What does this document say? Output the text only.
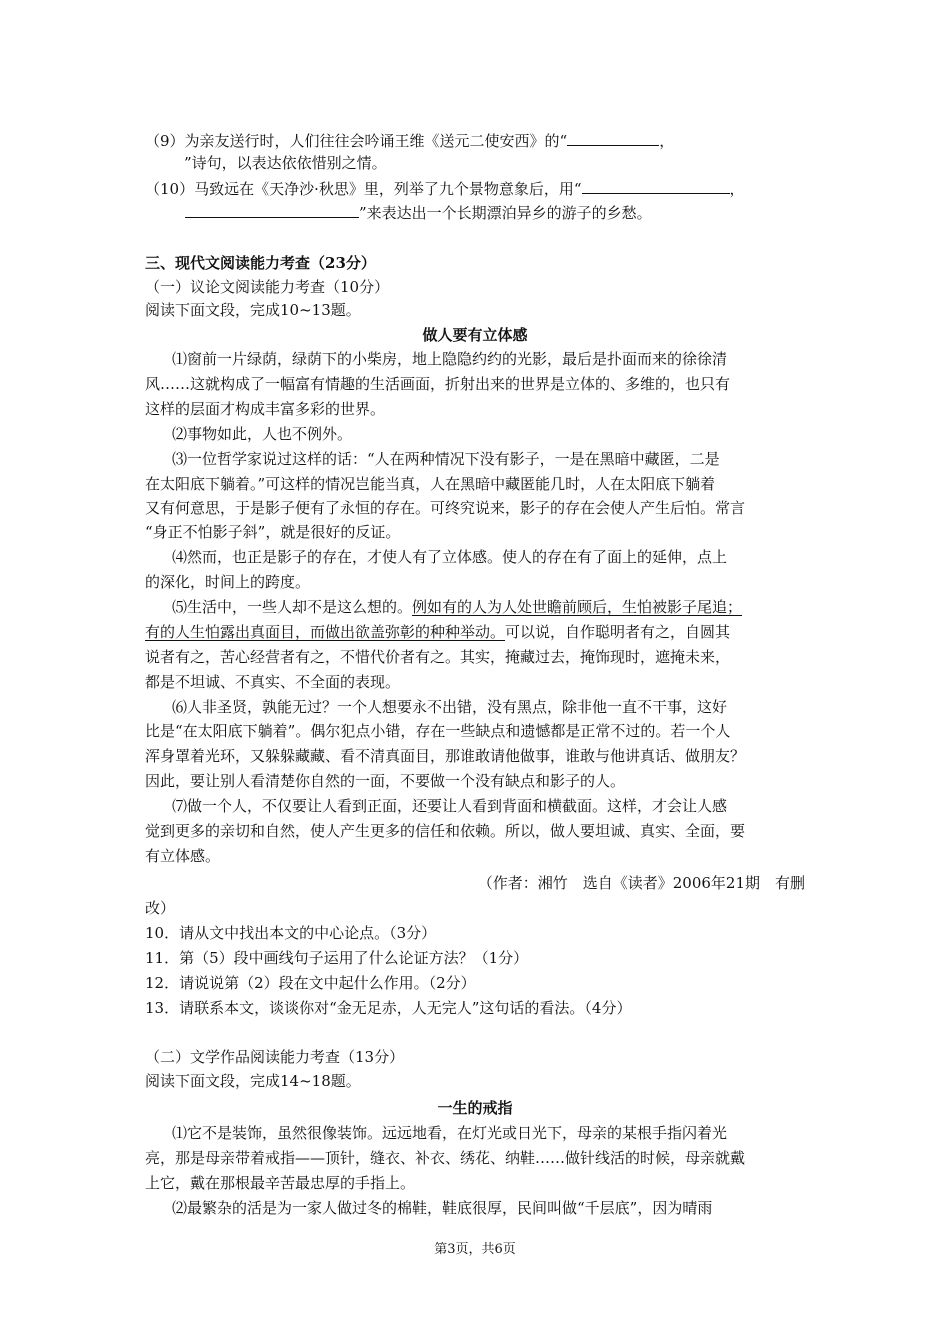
（9）为亲友送行时，人们往往会吟诵王维《送元二使安西》的“	，
”诗句，以表达依依惜别之情。
（10）马致远在《天净沙·秋思》里，列举了九个景物意象后，用“	，
”来表达出一个长期漂泊异乡的游子的乡愁。
三、现代文阅读能力考查（23分）
（一）议论文阅读能力考查（10分）
阅读下面文段，完成10~13题。
做人要有立体感
⑴窗前一片绿荫，绿荫下的小柴房，地上隐隐约约的光影，最后是扑面而来的徐徐清
风……这就构成了一幅富有情趣的生活画面，折射出来的世界是立体的、多维的，也只有
这样的层面才构成丰富多彩的世界。
⑵事物如此，人也不例外。
⑶一位哲学家说过这样的话：“人在两种情况下没有影子，一是在黑暗中藏匿，二是
在太阳底下躺着。”可这样的情况岂能当真，人在黑暗中藏匿能几时，人在太阳底下躺着
又有何意思，于是影子便有了永恒的存在。可终究说来，影子的存在会使人产生后怕。常言
“身正不怕影子斜”，就是很好的反证。
⑷然而，也正是影子的存在，才使人有了立体感。使人的存在有了面上的延伸，点上
的深化，时间上的跨度。
⑸生活中，一些人却不是这么想的。例如有的人为人处世瞻前顾后，生怕被影子尾追；
有的人生怕露出真面目，而做出欲盖弥彰的种种举动。可以说，自作聪明者有之，自圆其
说者有之，苦心经营者有之，不惜代价者有之。其实，掩藏过去，掩饰现时，遮掩未来，
都是不坦诚、不真实、不全面的表现。
⑹人非圣贤，孰能无过？一个人想要永不出错，没有黑点，除非他一直不干事，这好
比是“在太阳底下躺着”。偶尔犯点小错，存在一些缺点和遗憾都是正常不过的。若一个人
浑身罩着光环，又躲躲藏藏、看不清真面目，那谁敢请他做事，谁敢与他讲真话、做朋友？
因此，要让别人看清楚你自然的一面，不要做一个没有缺点和影子的人。
⑺做一个人，不仅要让人看到正面，还要让人看到背面和横截面。这样，才会让人感
觉到更多的亲切和自然，使人产生更多的信任和依赖。所以，做人要坦诚、真实、全面，要
有立体感。
（作者：湘竹　选自《读者》2006年21期　有删
改）
10．请从文中找出本文的中心论点。（3分）
11．第（5）段中画线句子运用了什么论证方法？（1分）
12．请说说第（2）段在文中起什么作用。（2分）
13．请联系本文，谈谈你对“金无足赤，人无完人”这句话的看法。（4分）
（二）文学作品阅读能力考查（13分）
阅读下面文段，完成14~18题。
一生的戒指
⑴它不是装饰，虽然很像装饰。远远地看，在灯光或日光下，母亲的某根手指闪着光
亮，那是母亲带着戒指——顶针，缝衣、补衣、绣花、纳鞋……做针线活的时候，母亲就戴
上它，戴在那根最辛苦最忠厚的手指上。
⑵最繁杂的活是为一家人做过冬的棉鞋，鞋底很厚，民间叫做“千层底”，因为晴雨
第3页，共6页
